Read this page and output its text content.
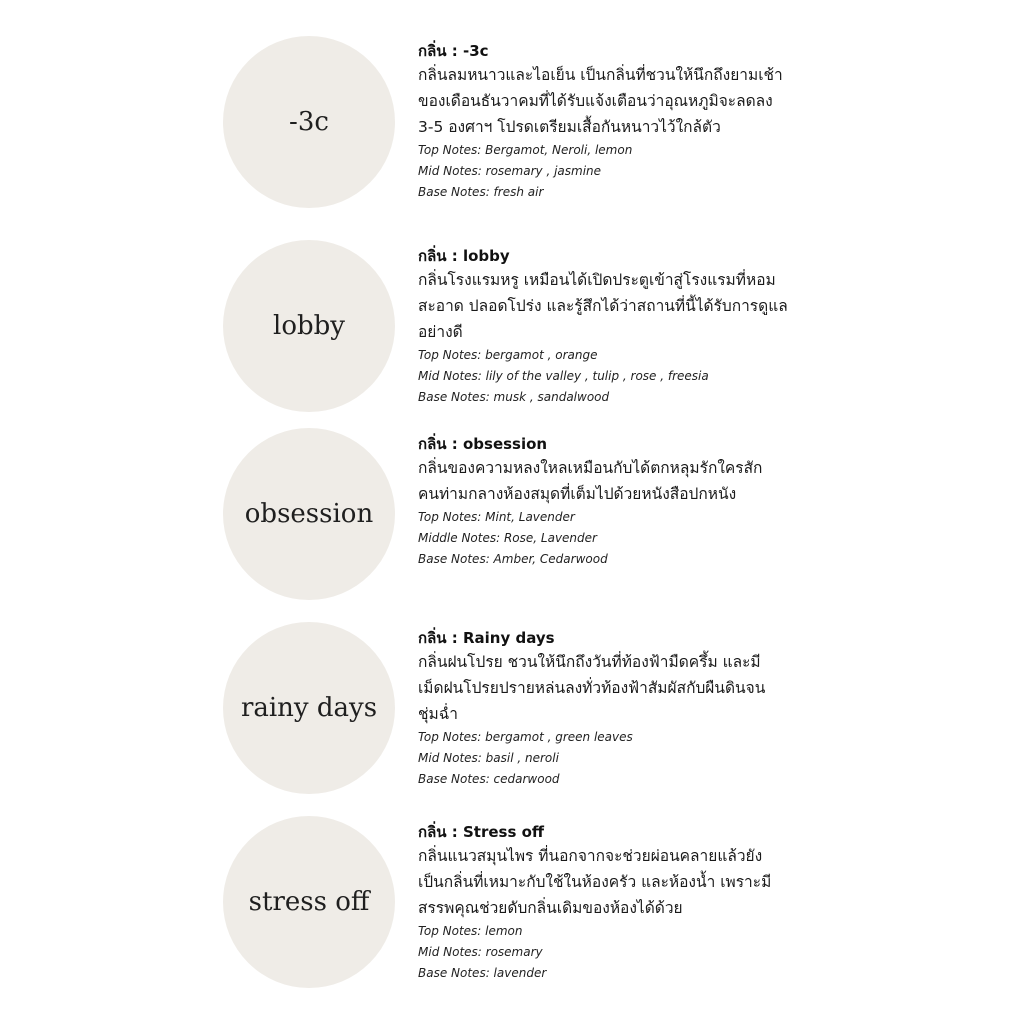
-3c
กลิ่น : -3c
กลิ่นลมหนาวและไอเย็น เป็นกลิ่นที่ชวนให้นึกถึงยามเช้า
ของเดือนธันวาคมที่ได้รับแจ้งเตือนว่าอุณหภูมิจะลดลง
3-5 องศาฯ โปรดเตรียมเสื้อกันหนาวไว้ใกล้ตัว
Top Notes: Bergamot, Neroli, lemon
Mid Notes: rosemary , jasmine
Base Notes: fresh air
lobby
กลิ่น : lobby
กลิ่นโรงแรมหรู เหมือนได้เปิดประตูเข้าสู่โรงแรมที่หอม
สะอาด ปลอดโปร่ง และรู้สึกได้ว่าสถานที่นี้ได้รับการดูแล
อย่างดี
Top Notes: bergamot , orange
Mid Notes: lily of the valley , tulip , rose , freesia
Base Notes: musk , sandalwood
obsession
กลิ่น : obsession
กลิ่นของความหลงใหลเหมือนกับได้ตกหลุมรักใครสัก
คนท่ามกลางห้องสมุดที่เต็มไปด้วยหนังสือปกหนัง
Top Notes: Mint, Lavender
Middle Notes: Rose, Lavender
Base Notes: Amber, Cedarwood
rainy days
กลิ่น : Rainy days
กลิ่นฝนโปรย ชวนให้นึกถึงวันที่ท้องฟ้ามืดครึ้ม และมี
เม็ดฝนโปรยปรายหล่นลงทั่วท้องฟ้าสัมผัสกับผืนดินจน
ชุ่มฉ่ำ
Top Notes: bergamot , green leaves
Mid Notes: basil , neroli
Base Notes: cedarwood
stress off
กลิ่น : Stress off
กลิ่นแนวสมุนไพร ที่นอกจากจะช่วยผ่อนคลายแล้วยัง
เป็นกลิ่นที่เหมาะกับใช้ในห้องครัว และห้องน้ำ เพราะมี
สรรพคุณช่วยดับกลิ่นเดิมของห้องได้ด้วย
Top Notes: lemon
Mid Notes: rosemary
Base Notes: lavender
